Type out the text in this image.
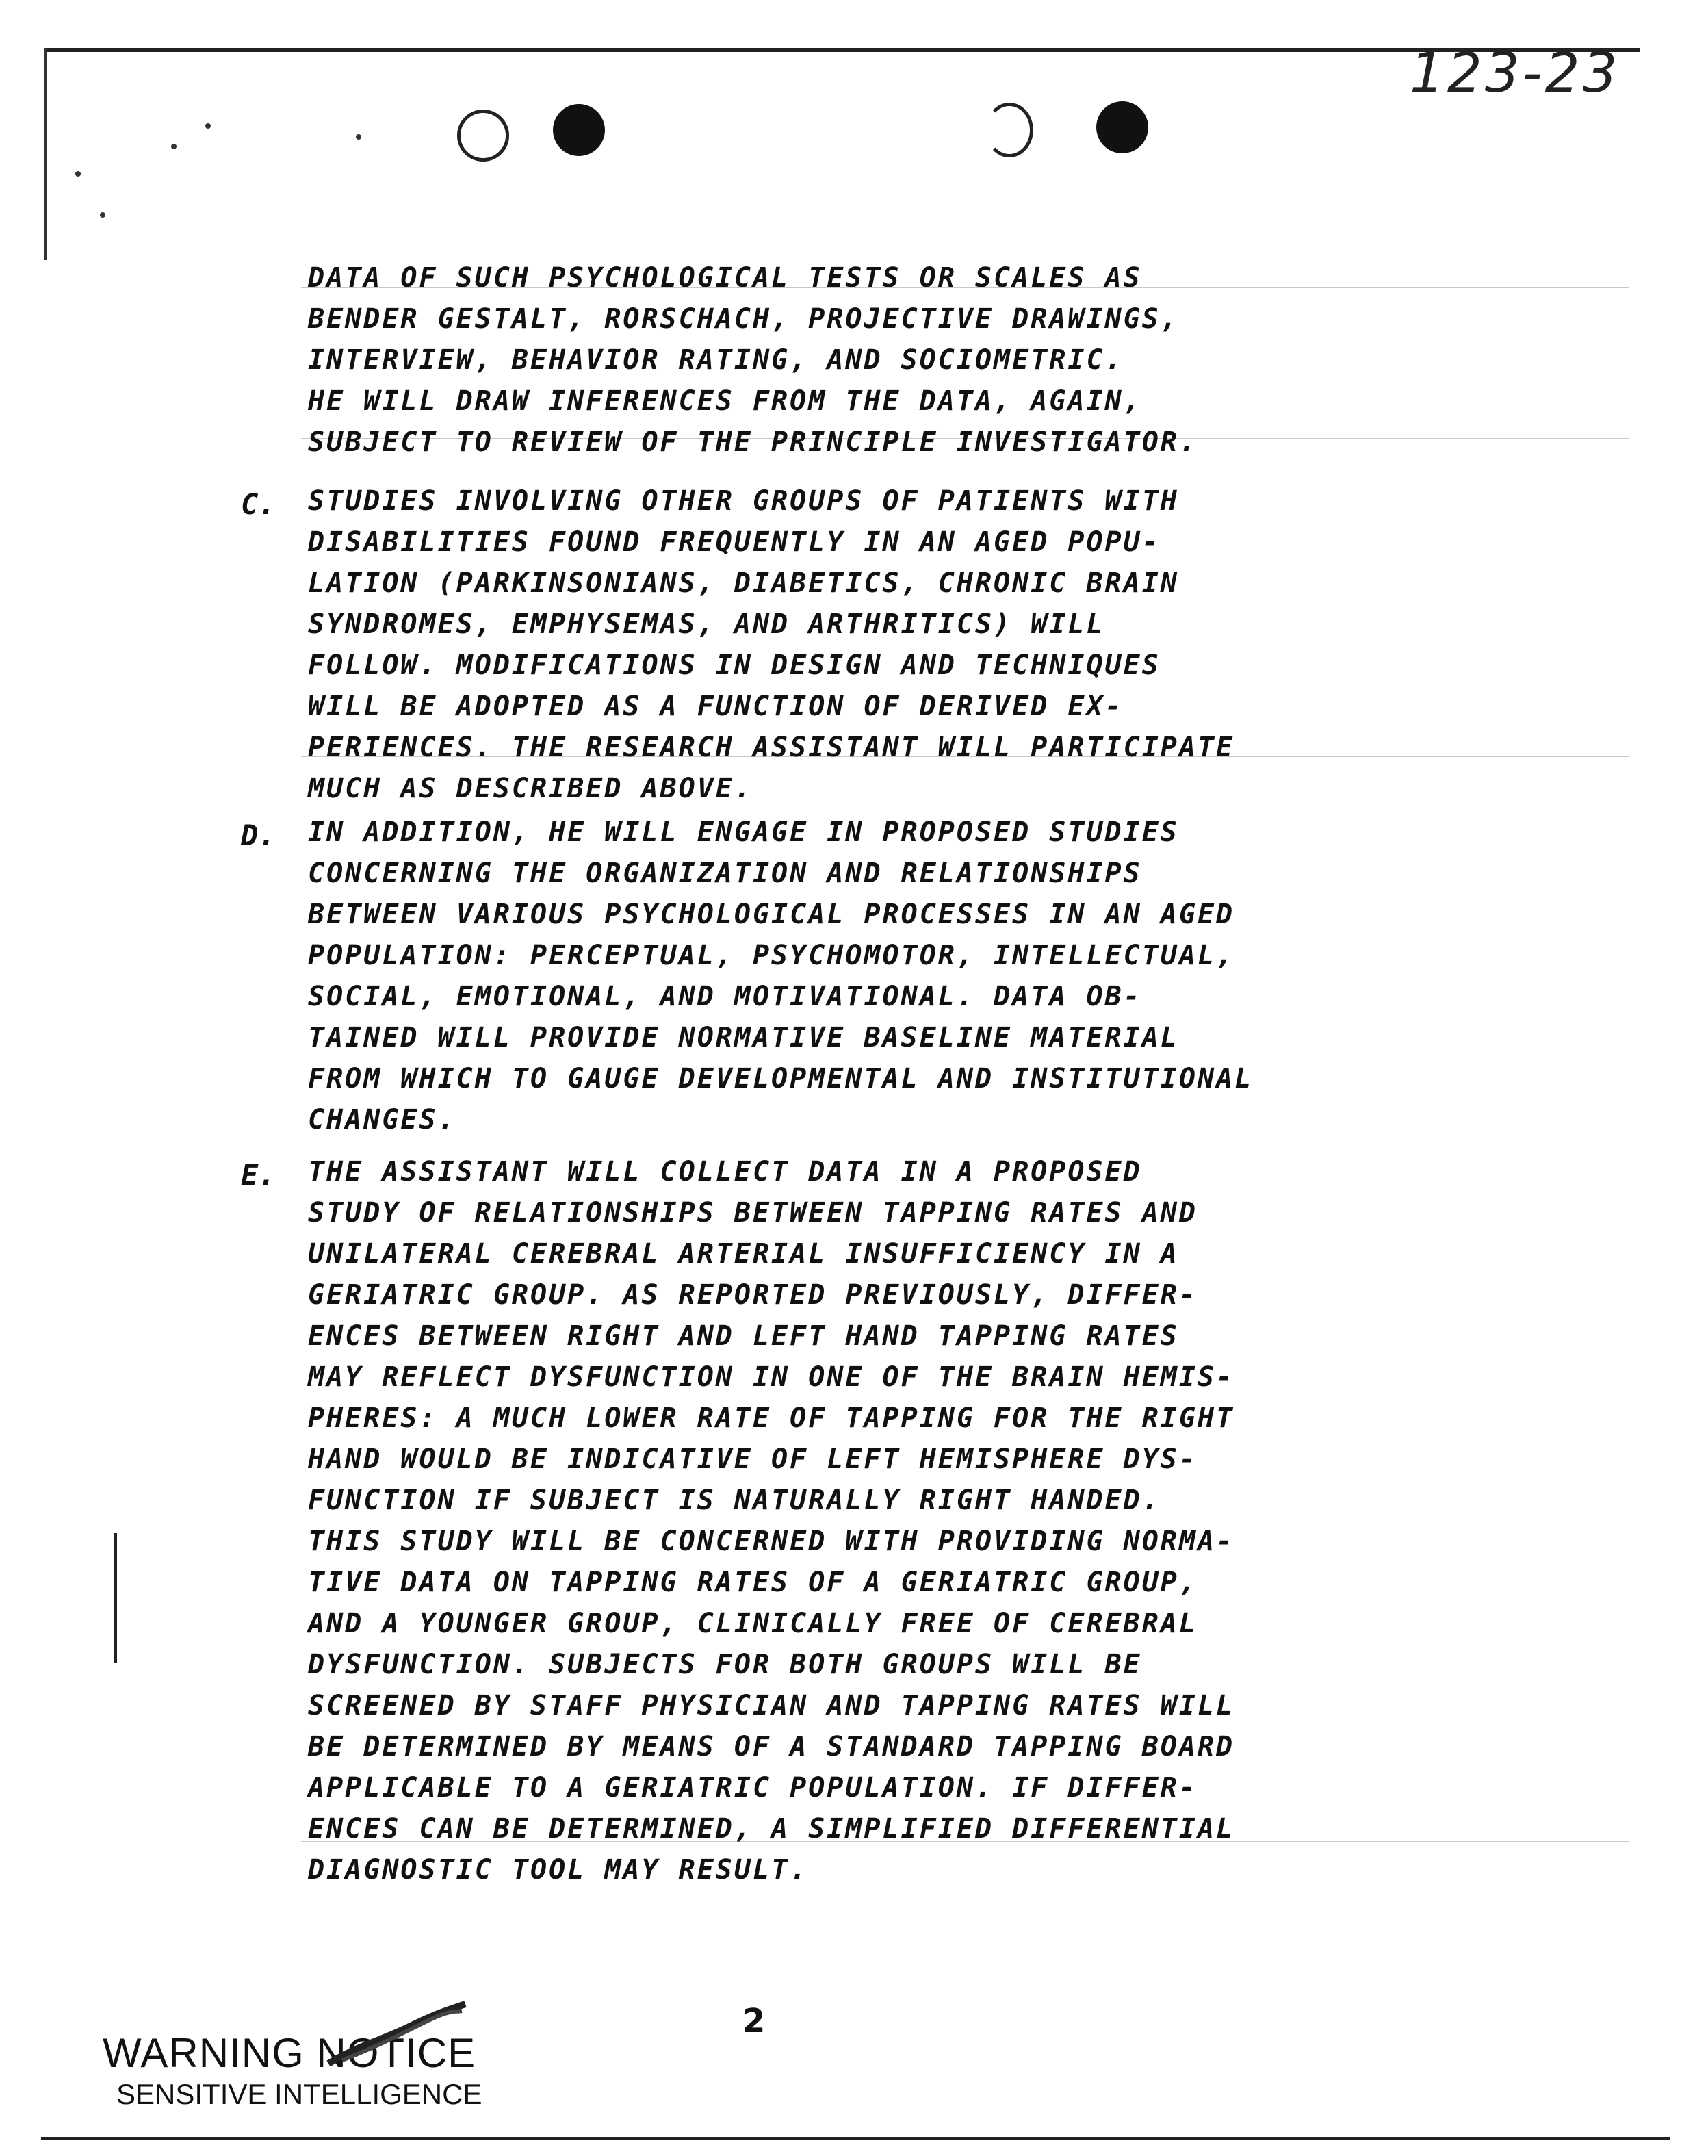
123-23
DATA OF SUCH PSYCHOLOGICAL TESTS OR SCALES AS
BENDER GESTALT, RORSCHACH, PROJECTIVE DRAWINGS,
INTERVIEW, BEHAVIOR RATING, AND SOCIOMETRIC.
HE WILL DRAW INFERENCES FROM THE DATA, AGAIN,
SUBJECT TO REVIEW OF THE PRINCIPLE INVESTIGATOR.
C. STUDIES INVOLVING OTHER GROUPS OF PATIENTS WITH
DISABILITIES FOUND FREQUENTLY IN AN AGED POPU-
LATION (PARKINSONIANS, DIABETICS, CHRONIC BRAIN
SYNDROMES, EMPHYSEMAS, AND ARTHRITICS) WILL
FOLLOW. MODIFICATIONS IN DESIGN AND TECHNIQUES
WILL BE ADOPTED AS A FUNCTION OF DERIVED EX-
PERIENCES. THE RESEARCH ASSISTANT WILL PARTICIPATE
MUCH AS DESCRIBED ABOVE.
D. IN ADDITION, HE WILL ENGAGE IN PROPOSED STUDIES
CONCERNING THE ORGANIZATION AND RELATIONSHIPS
BETWEEN VARIOUS PSYCHOLOGICAL PROCESSES IN AN AGED
POPULATION: PERCEPTUAL, PSYCHOMOTOR, INTELLECTUAL,
SOCIAL, EMOTIONAL, AND MOTIVATIONAL. DATA OB-
TAINED WILL PROVIDE NORMATIVE BASELINE MATERIAL
FROM WHICH TO GAUGE DEVELOPMENTAL AND INSTITUTIONAL
CHANGES.
E. THE ASSISTANT WILL COLLECT DATA IN A PROPOSED
STUDY OF RELATIONSHIPS BETWEEN TAPPING RATES AND
UNILATERAL CEREBRAL ARTERIAL INSUFFICIENCY IN A
GERIATRIC GROUP. AS REPORTED PREVIOUSLY, DIFFER-
ENCES BETWEEN RIGHT AND LEFT HAND TAPPING RATES
MAY REFLECT DYSFUNCTION IN ONE OF THE BRAIN HEMIS-
PHERES: A MUCH LOWER RATE OF TAPPING FOR THE RIGHT
HAND WOULD BE INDICATIVE OF LEFT HEMISPHERE DYS-
FUNCTION IF SUBJECT IS NATURALLY RIGHT HANDED.
THIS STUDY WILL BE CONCERNED WITH PROVIDING NORMA-
TIVE DATA ON TAPPING RATES OF A GERIATRIC GROUP,
AND A YOUNGER GROUP, CLINICALLY FREE OF CEREBRAL
DYSFUNCTION. SUBJECTS FOR BOTH GROUPS WILL BE
SCREENED BY STAFF PHYSICIAN AND TAPPING RATES WILL
BE DETERMINED BY MEANS OF A STANDARD TAPPING BOARD
APPLICABLE TO A GERIATRIC POPULATION. IF DIFFER-
ENCES CAN BE DETERMINED, A SIMPLIFIED DIFFERENTIAL
DIAGNOSTIC TOOL MAY RESULT.
2
WARNING NOTICE
SENSITIVE INTELLIGENCE
